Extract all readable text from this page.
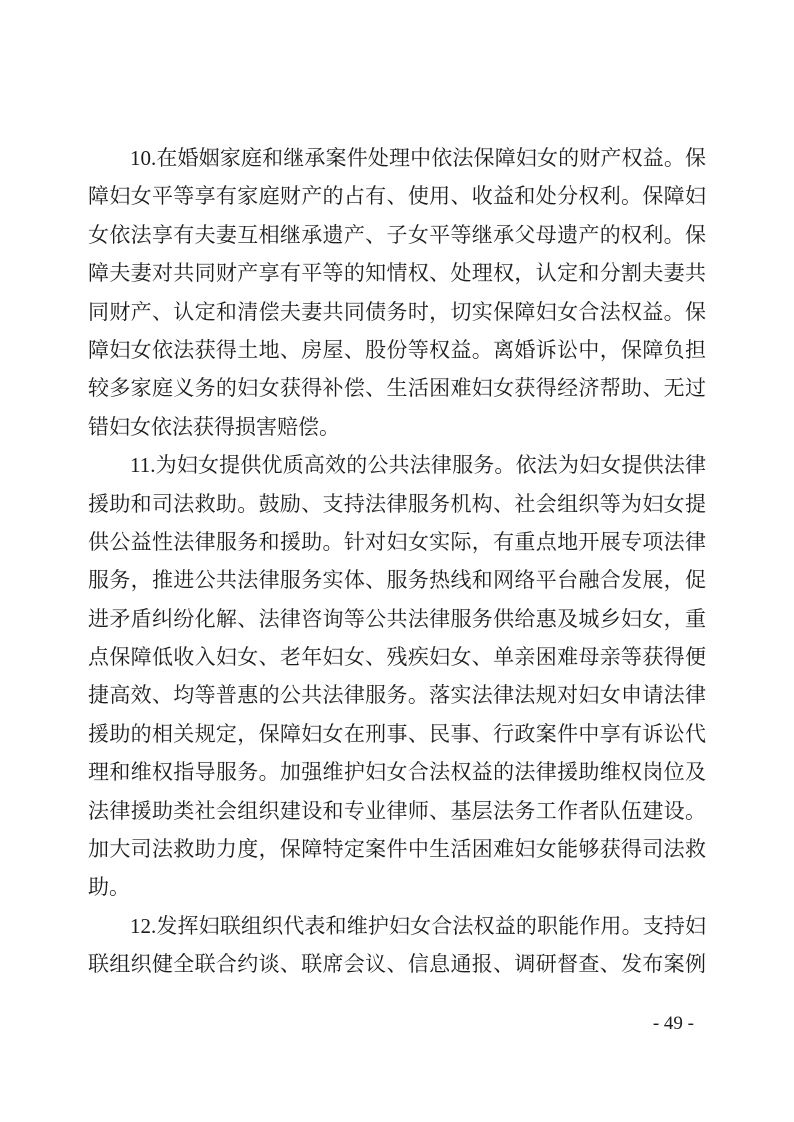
10.在婚姻家庭和继承案件处理中依法保障妇女的财产权益。保
障妇女平等享有家庭财产的占有、使用、收益和处分权利。保障妇
女依法享有夫妻互相继承遗产、子女平等继承父母遗产的权利。保
障夫妻对共同财产享有平等的知情权、处理权，认定和分割夫妻共
同财产、认定和清偿夫妻共同债务时，切实保障妇女合法权益。保
障妇女依法获得土地、房屋、股份等权益。离婚诉讼中，保障负担
较多家庭义务的妇女获得补偿、生活困难妇女获得经济帮助、无过
错妇女依法获得损害赔偿。
11.为妇女提供优质高效的公共法律服务。依法为妇女提供法律
援助和司法救助。鼓励、支持法律服务机构、社会组织等为妇女提
供公益性法律服务和援助。针对妇女实际，有重点地开展专项法律
服务，推进公共法律服务实体、服务热线和网络平台融合发展，促
进矛盾纠纷化解、法律咨询等公共法律服务供给惠及城乡妇女，重
点保障低收入妇女、老年妇女、残疾妇女、单亲困难母亲等获得便
捷高效、均等普惠的公共法律服务。落实法律法规对妇女申请法律
援助的相关规定，保障妇女在刑事、民事、行政案件中享有诉讼代
理和维权指导服务。加强维护妇女合法权益的法律援助维权岗位及
法律援助类社会组织建设和专业律师、基层法务工作者队伍建设。
加大司法救助力度，保障特定案件中生活困难妇女能够获得司法救
助。
12.发挥妇联组织代表和维护妇女合法权益的职能作用。支持妇
联组织健全联合约谈、联席会议、信息通报、调研督查、发布案例
- 49 -
